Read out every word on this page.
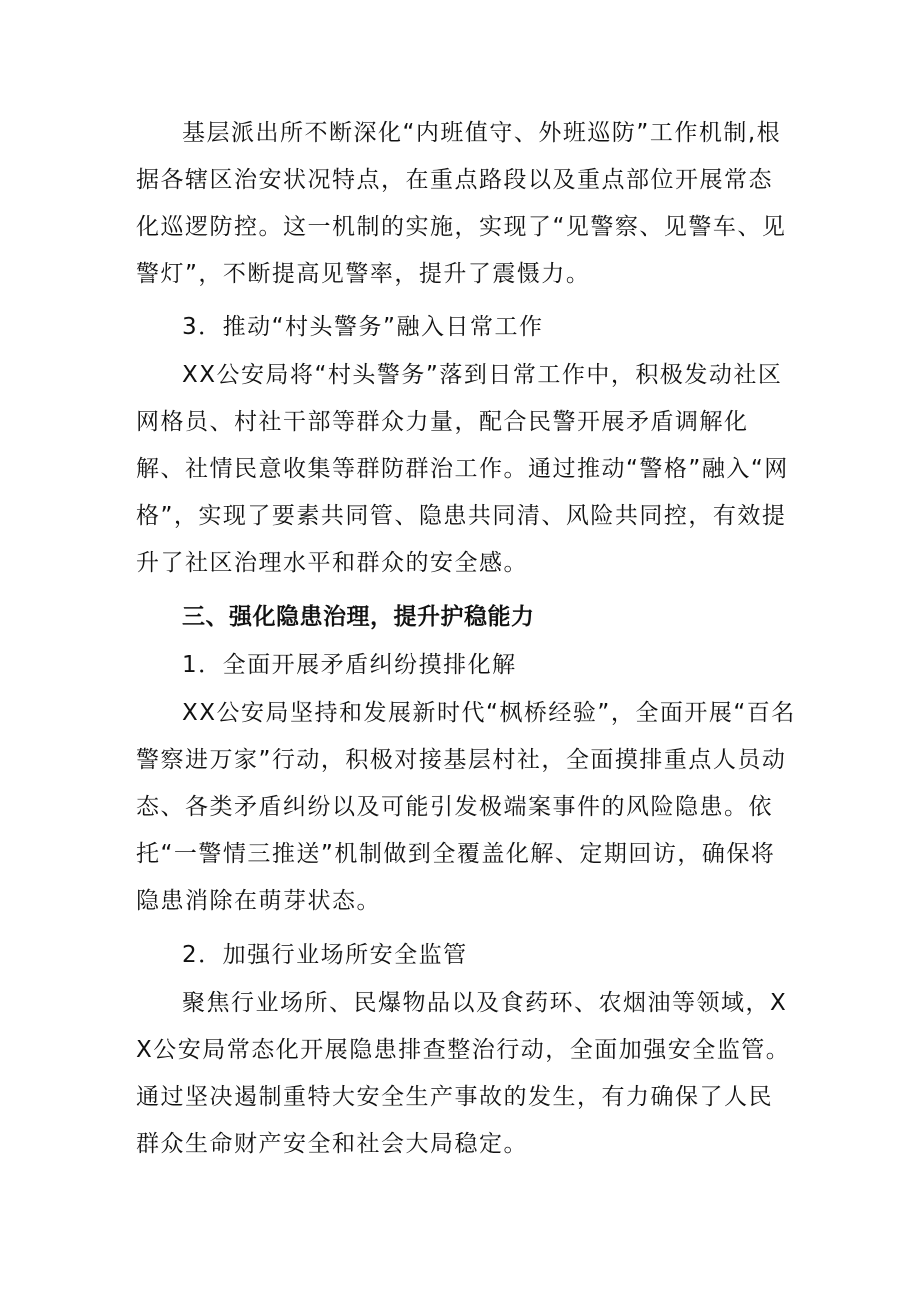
基层派出所不断深化“内班值守、外班巡防”工作机制,根据各辖区治安状况特点，在重点路段以及重点部位开展常态化巡逻防控。这一机制的实施，实现了“见警察、见警车、见警灯”，不断提高见警率，提升了震慑力。

3．推动“村头警务”融入日常工作

XX公安局将“村头警务”落到日常工作中，积极发动社区网格员、村社干部等群众力量，配合民警开展矛盾调解化解、社情民意收集等群防群治工作。通过推动“警格”融入“网格”，实现了要素共同管、隐患共同清、风险共同控，有效提升了社区治理水平和群众的安全感。

三、强化隐患治理，提升护稳能力

1．全面开展矛盾纠纷摸排化解

XX公安局坚持和发展新时代“枫桥经验”，全面开展“百名警察进万家”行动，积极对接基层村社，全面摸排重点人员动态、各类矛盾纠纷以及可能引发极端案事件的风险隐患。依托“一警情三推送”机制做到全覆盖化解、定期回访，确保将隐患消除在萌芽状态。

2．加强行业场所安全监管

聚焦行业场所、民爆物品以及食药环、农烟油等领域，XX公安局常态化开展隐患排查整治行动，全面加强安全监管。通过坚决遏制重特大安全生产事故的发生，有力确保了人民群众生命财产安全和社会大局稳定。
